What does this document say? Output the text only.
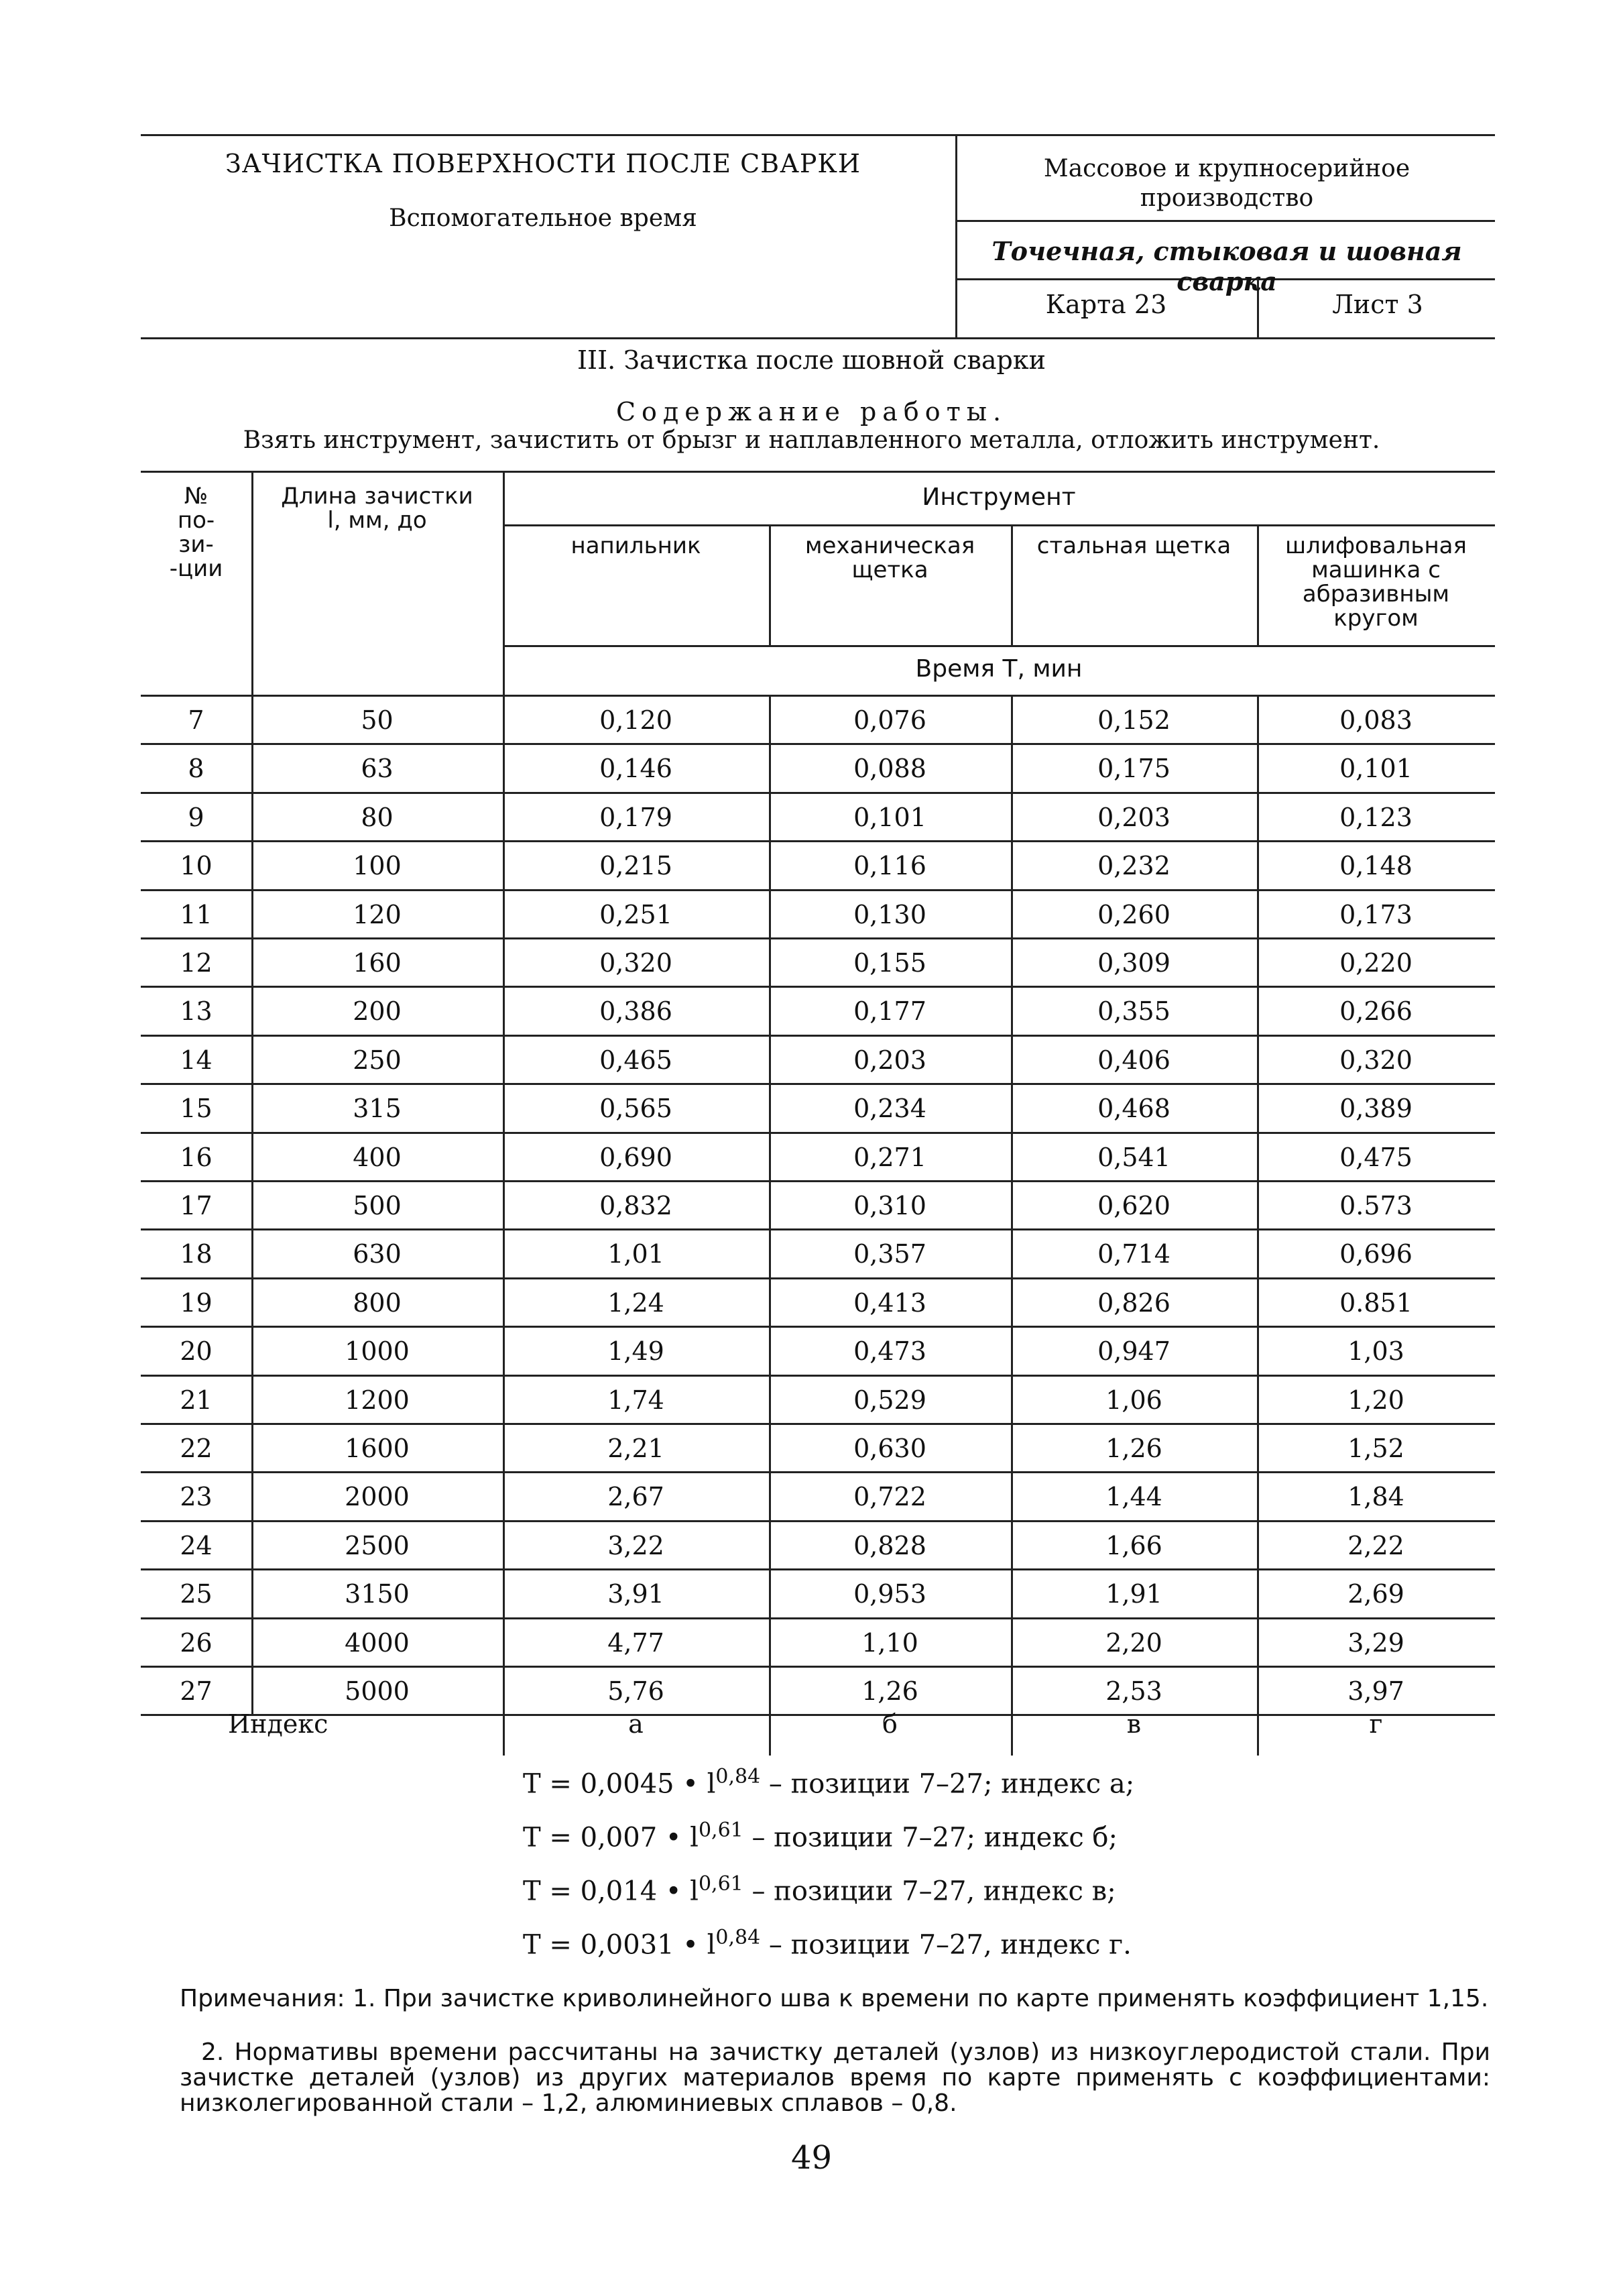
ЗАЧИСТКА ПОВЕРХНОСТИ ПОСЛЕ СВАРКИ
Вспомогательное время
Массовое и крупносерийное
производство
Точечная, стыковая и шовная сварка
Карта 23	Лист 3
III. Зачистка после шовной сварки
Содержание работы.
Взять инструмент, зачистить от брызг и наплавленного металла, отложить инструмент.
№
по-
зи-
-ции
Длина зачистки
l, мм, до
Инструмент
напильник	механическая
щетка
стальная щетка	шлифовальная
машинка с
абразивным
кругом
Время Т, мин
7	50	0,120	0,076	0,152	0,083
8	63	0,146	0,088	0,175	0,101
9	80	0,179	0,101	0,203	0,123
10	100	0,215	0,116	0,232	0,148
11	120	0,251	0,130	0,260	0,173
12	160	0,320	0,155	0,309	0,220
13	200	0,386	0,177	0,355	0,266
14	250	0,465	0,203	0,406	0,320
15	315	0,565	0,234	0,468	0,389
16	400	0,690	0,271	0,541	0,475
17	500	0,832	0,310	0,620	0.573
18	630	1,01	0,357	0,714	0,696
19	800	1,24	0,413	0,826	0.851
20	1000	1,49	0,473	0,947	1,03
21	1200	1,74	0,529	1,06	1,20
22	1600	2,21	0,630	1,26	1,52
23	2000	2,67	0,722	1,44	1,84
24	2500	3,22	0,828	1,66	2,22
25	3150	3,91	0,953	1,91	2,69
26	4000	4,77	1,10	2,20	3,29
27	5000	5,76	1,26	2,53	3,97
Индекс	а	б	в	г
Т = 0,0045 • $l^{0,84}$ – позиции 7–27; индекс а;
Т = 0,007 • $l^{0,61}$ – позиции 7–27; индекс б;
Т = 0,014 • $l^{0,61}$ – позиции 7–27, индекс в;
Т = 0,0031 • $l^{0,84}$ – позиции 7–27, индекс г.
Примечания: 1. При зачистке криволинейного шва к времени по карте применять коэффициент 1,15.
2. Нормативы времени рассчитаны на зачистку деталей (узлов) из низкоуглеродистой стали. При зачистке деталей (узлов) из других материалов время по карте применять с коэффициентами: низколегированной стали – 1,2, алюминиевых сплавов – 0,8.
49
